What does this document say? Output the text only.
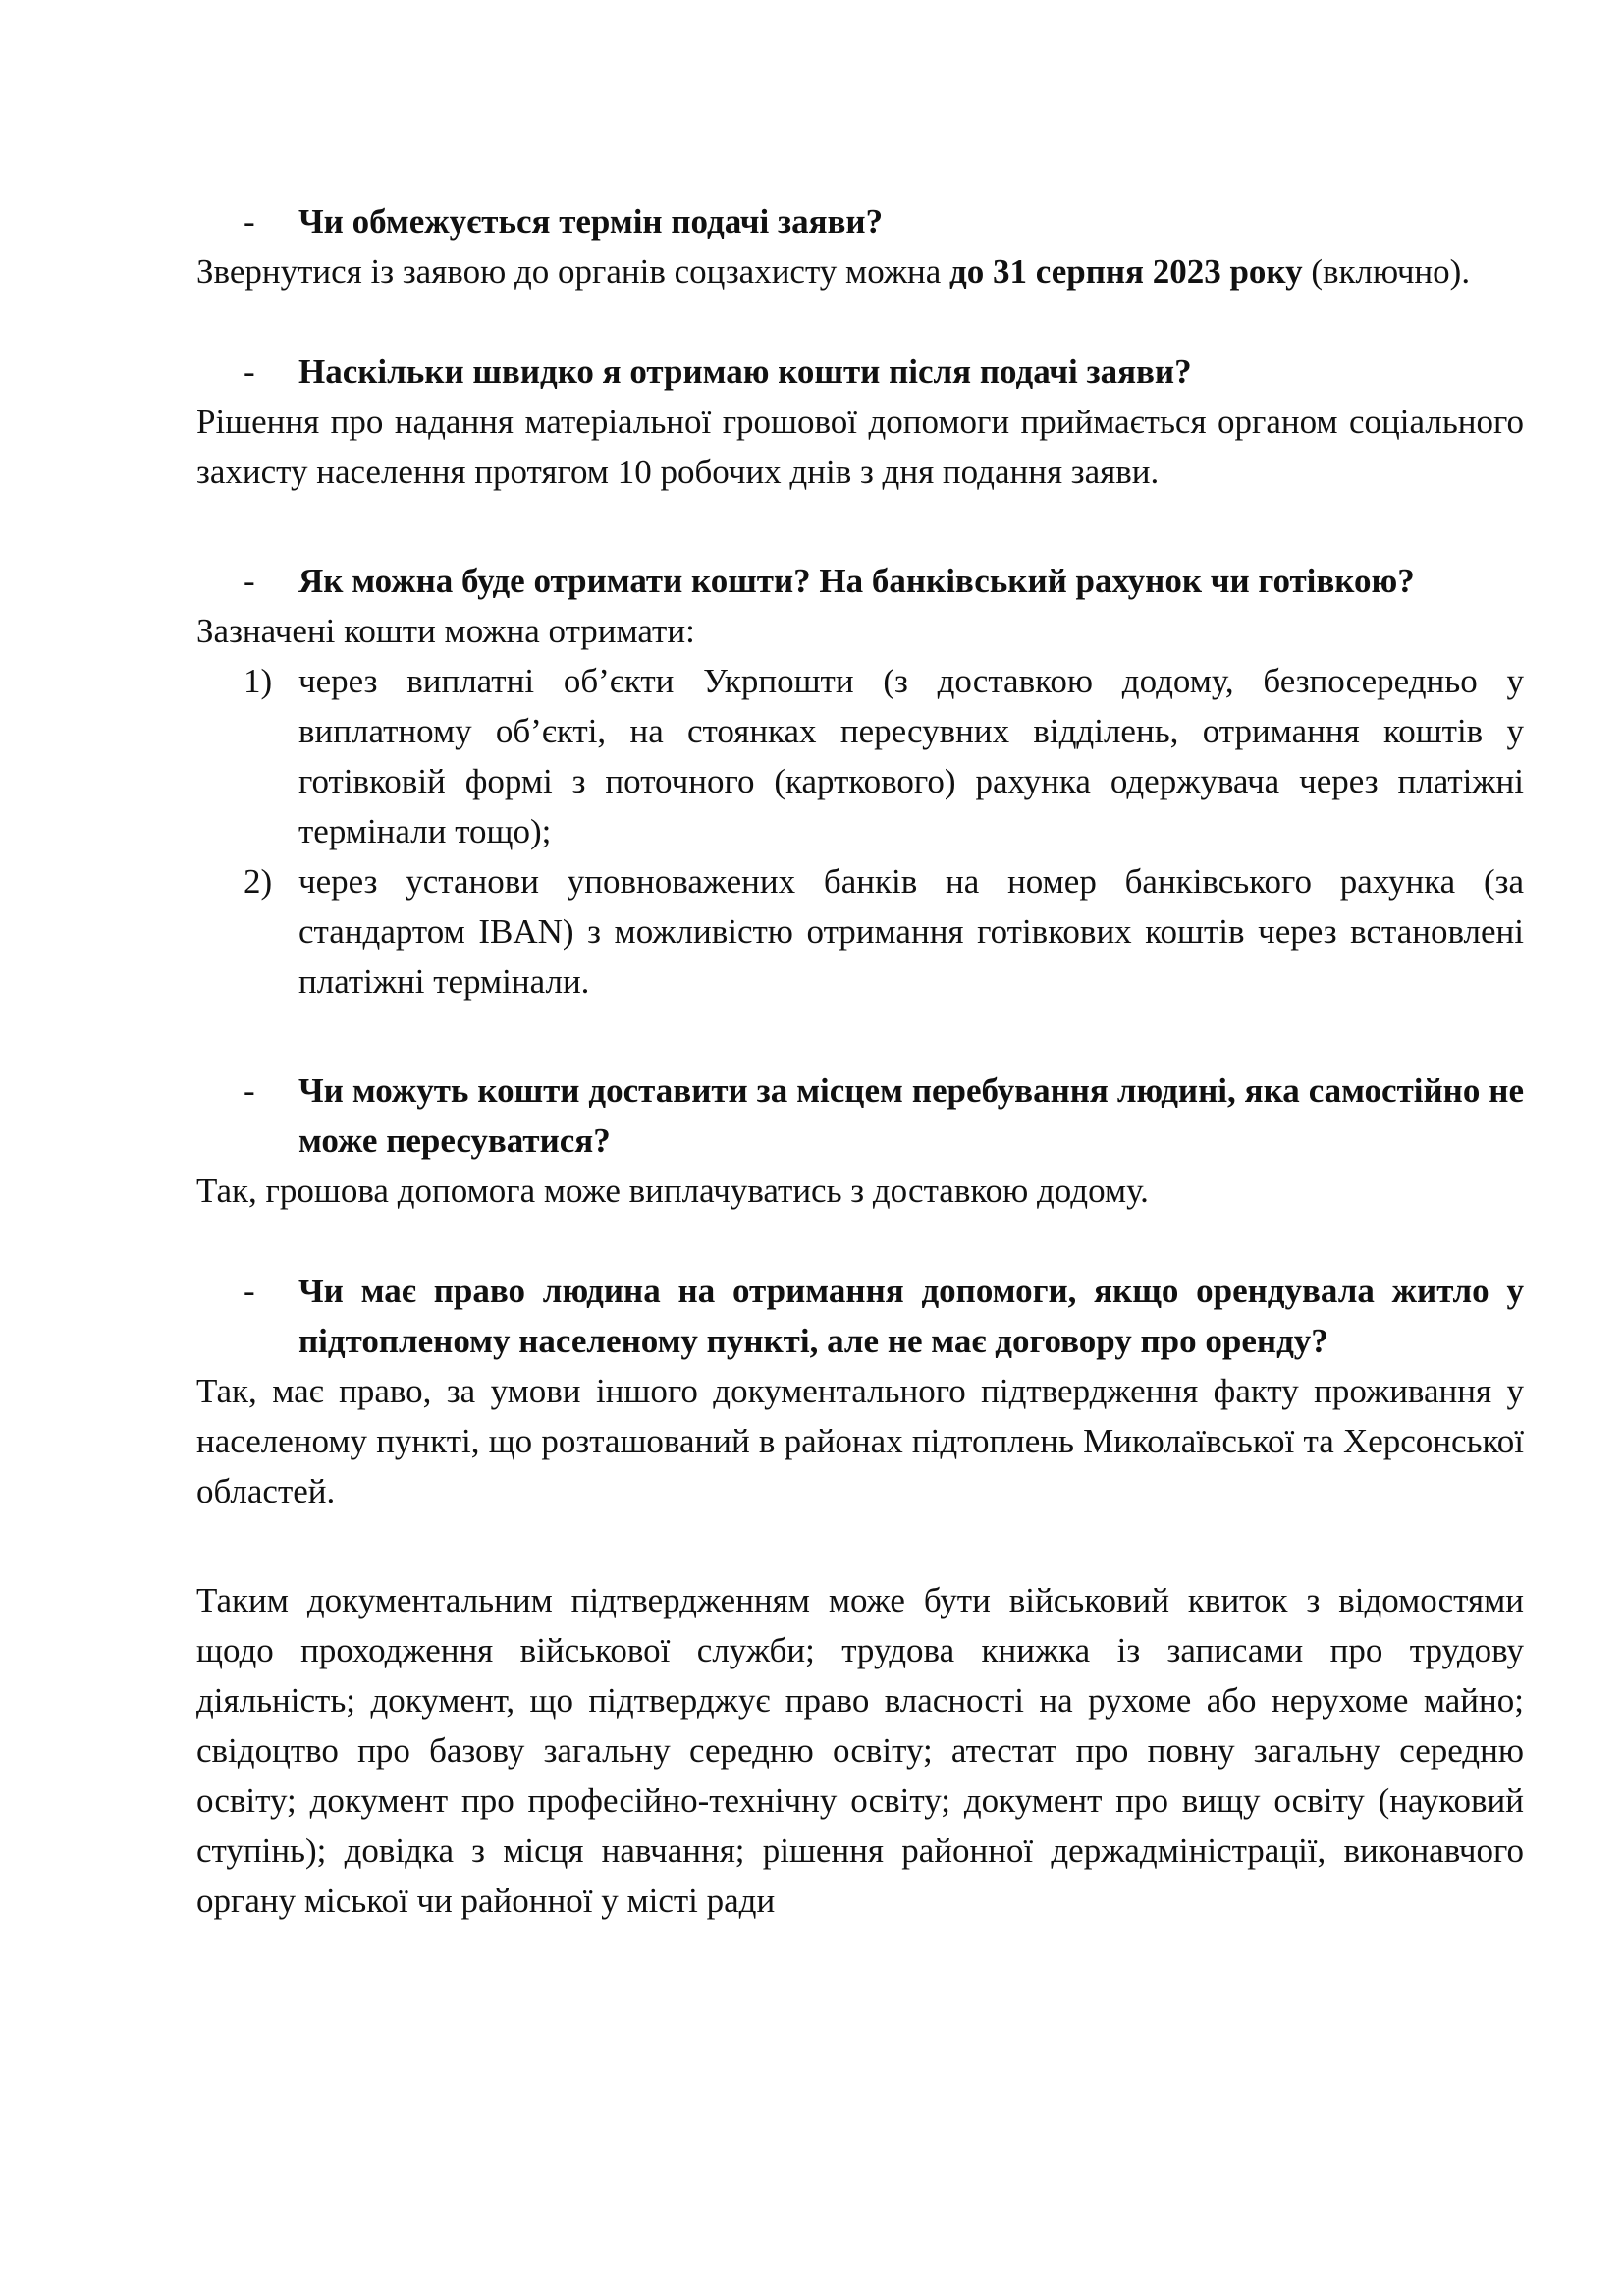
- Чи обмежується термін подачі заяви?

Звернутися із заявою до органів соцзахисту можна до 31 серпня 2023 року (включно).

- Наскільки швидко я отримаю кошти після подачі заяви?

Рішення про надання матеріальної грошової допомоги приймається органом соціального захисту населення протягом 10 робочих днів з дня подання заяви.

- Як можна буде отримати кошти? На банківський рахунок чи готівкою?

Зазначені кошти можна отримати:

1) через виплатні об’єкти Укрпошти (з доставкою додому, безпосередньо у виплатному об’єкті, на стоянках пересувних відділень, отримання коштів у готівковій формі з поточного (карткового) рахунка одержувача через платіжні термінали тощо);
2) через установи уповноважених банків на номер банківського рахунка (за стандартом IBAN) з можливістю отримання готівкових коштів через встановлені платіжні термінали.
- Чи можуть кошти доставити за місцем перебування людині, яка самостійно не може пересуватися?

Так, грошова допомога може виплачуватись з доставкою додому.

- Чи має право людина на отримання допомоги, якщо орендувала житло у підтопленому населеному пункті, але не має договору про оренду?

Так, має право, за умови іншого документального підтвердження факту проживання у населеному пункті, що розташований в районах підтоплень Миколаївської та Херсонської областей.

Таким документальним підтвердженням може бути військовий квиток з відомостями щодо проходження військової служби; трудова книжка із записами про трудову діяльність; документ, що підтверджує право власності на рухоме або нерухоме майно; свідоцтво про базову загальну середню освіту; атестат про повну загальну середню освіту; документ про професійно-технічну освіту; документ про вищу освіту (науковий ступінь); довідка з місця навчання; рішення районної держадміністрації, виконавчого органу міської чи районної у місті ради
